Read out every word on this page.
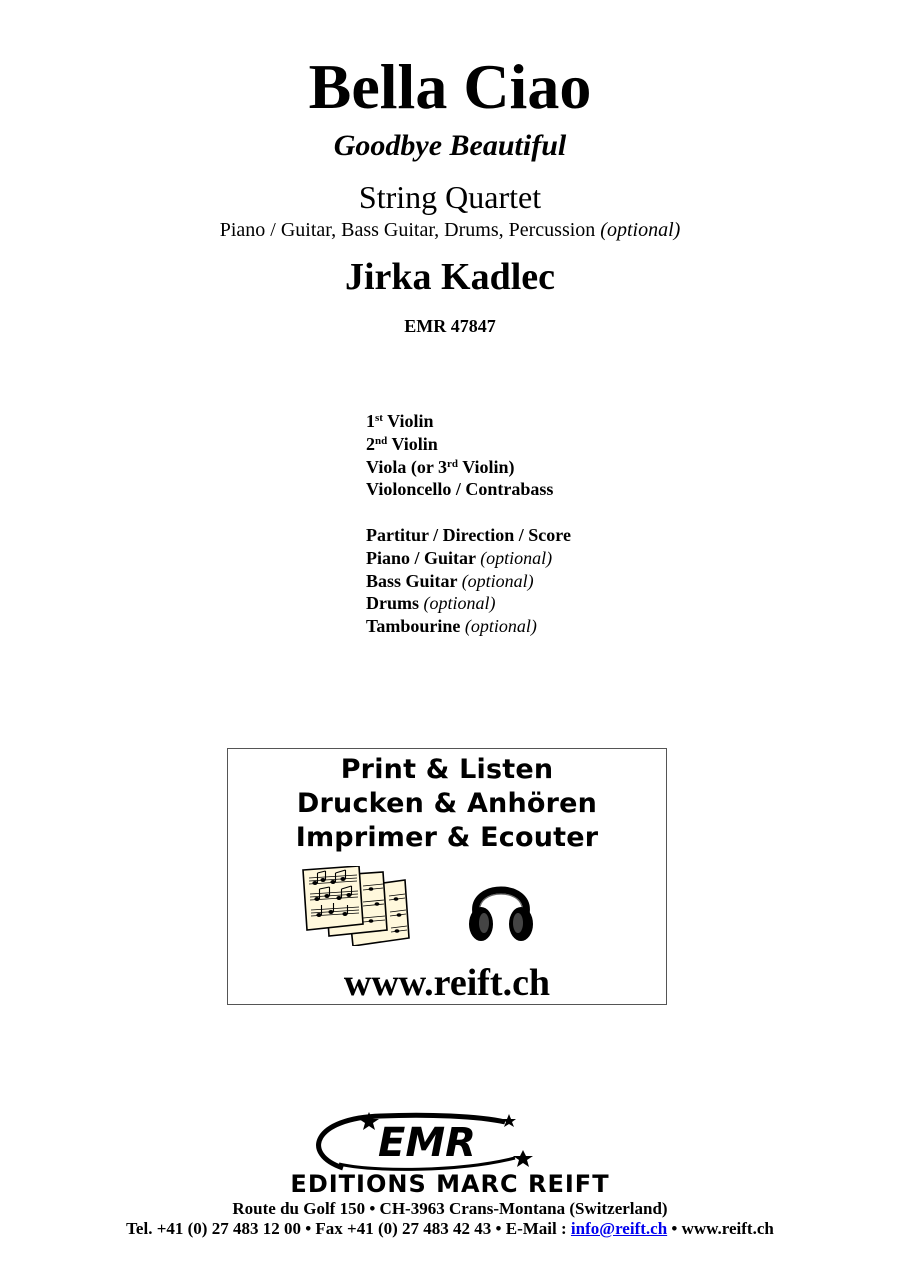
Bella Ciao
Goodbye Beautiful
String Quartet
Piano / Guitar, Bass Guitar, Drums, Percussion (optional)
Jirka Kadlec
EMR 47847
1st Violin
2nd Violin
Viola (or 3rd Violin)
Violoncello / Contrabass
Partitur / Direction / Score
Piano / Guitar (optional)
Bass Guitar (optional)
Drums (optional)
Tambourine (optional)
Print & Listen
Drucken & Anhören
Imprimer & Ecouter
www.reift.ch
EMR
EDITIONS MARC REIFT
Route du Golf 150 • CH-3963 Crans-Montana (Switzerland)
Tel. +41 (0) 27 483 12 00 • Fax +41 (0) 27 483 42 43 • E-Mail : info@reift.ch • www.reift.ch
